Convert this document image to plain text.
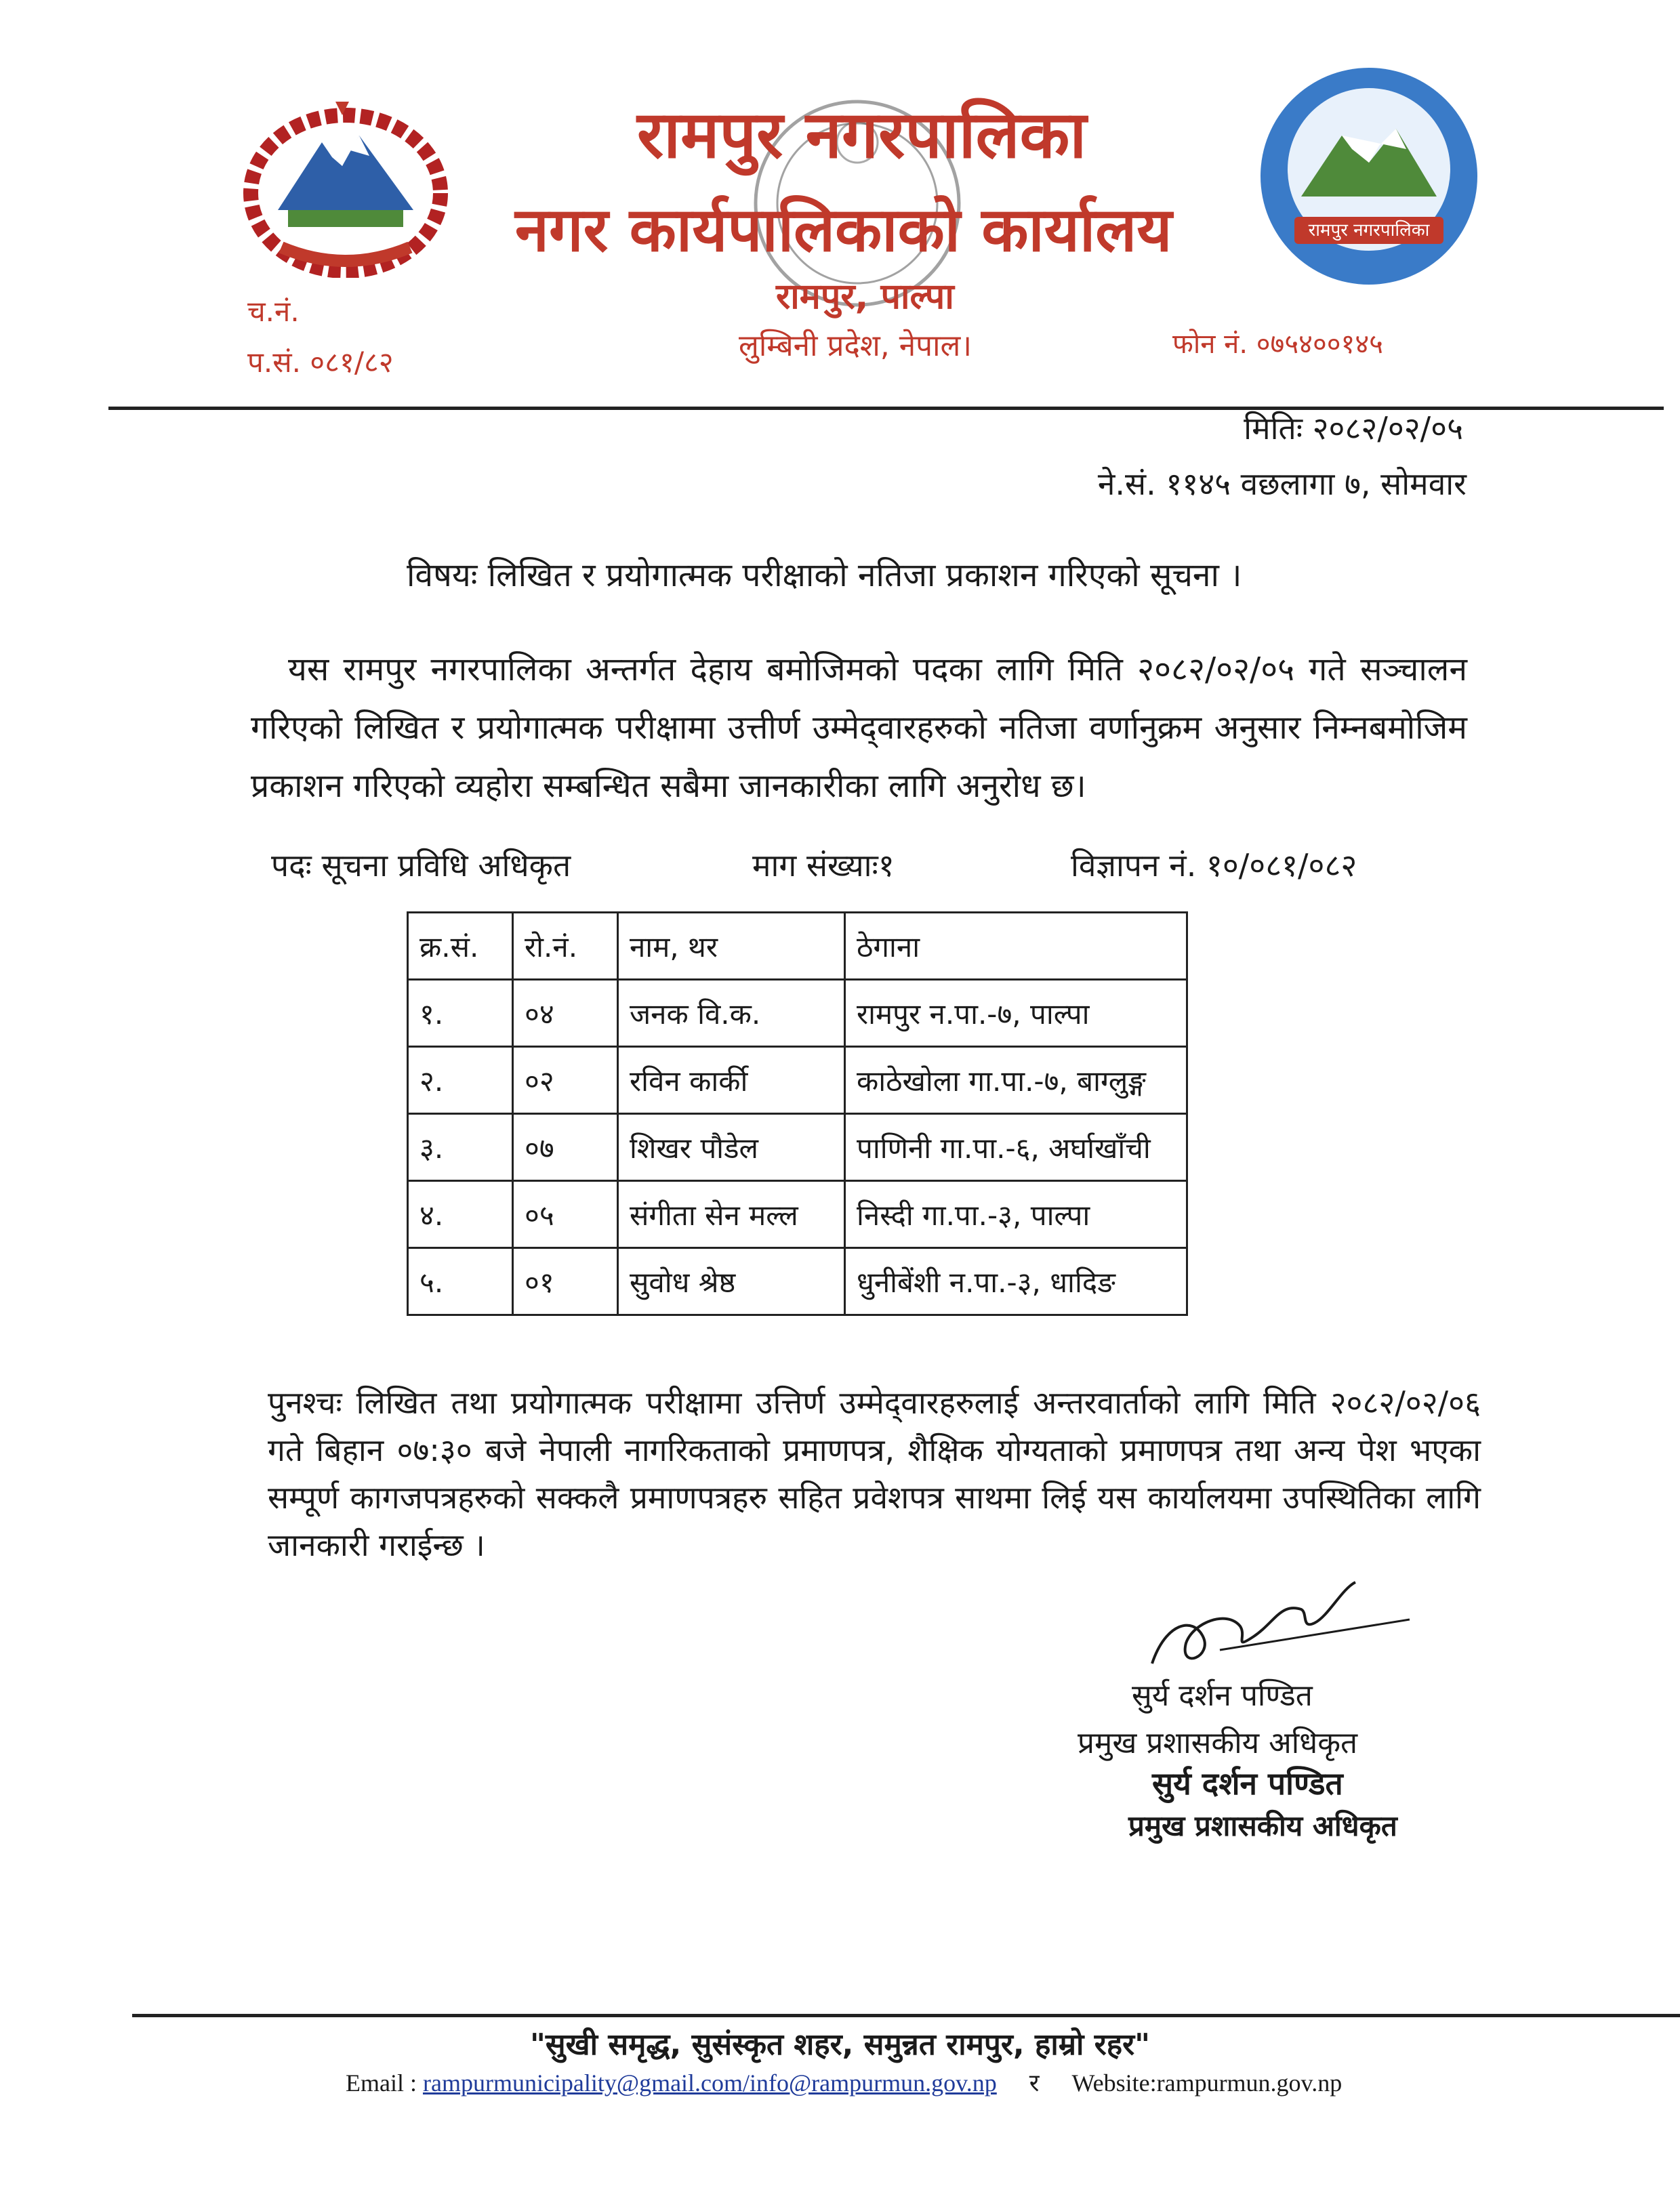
रामपुर नगरपालिका
रामपुर नगरपालिका
नगर कार्यपालिकाको कार्यालय
रामपुर, पाल्पा
लुम्बिनी प्रदेश, नेपाल।
च.नं.
प.सं. ०८१/८२
फोन नं. ०७५४००१४५
मितिः २०८२/०२/०५
ने.सं. ११४५ वछलागा ७, सोमवार
विषयः लिखित र प्रयोगात्मक परीक्षाको नतिजा प्रकाशन गरिएको सूचना ।
यस रामपुर नगरपालिका अन्तर्गत देहाय बमोजिमको पदका लागि मिति २०८२/०२/०५ गते सञ्चालन गरिएको लिखित र प्रयोगात्मक परीक्षामा उत्तीर्ण उम्मेद्‌वारहरुको नतिजा वर्णानुक्रम अनुसार निम्नबमोजिम प्रकाशन गरिएको व्यहोरा सम्बन्धित सबैमा जानकारीका लागि अनुरोध छ।
पदः सूचना प्रविधि अधिकृत	माग संख्याः१	विज्ञापन नं. १०/०८१/०८२
क्र.सं.	रो.नं.	नाम, थर	ठेगाना
१.	०४	जनक वि.क.	रामपुर न.पा.-७, पाल्पा
२.	०२	रविन कार्की	काठेखोला गा.पा.-७, बाग्लुङ्ग
३.	०७	शिखर पौडेल	पाणिनी गा.पा.-६, अर्घाखाँची
४.	०५	संगीता सेन मल्ल	निस्दी गा.पा.-३, पाल्पा
५.	०१	सुवोध श्रेष्ठ	धुनीबेंशी न.पा.-३, धादिङ
पुनश्चः लिखित तथा प्रयोगात्मक परीक्षामा उत्तिर्ण उम्मेद्‌वारहरुलाई अन्तरवार्ताको लागि मिति २०८२/०२/०६ गते बिहान ०७:३० बजे नेपाली नागरिकताको प्रमाणपत्र, शैक्षिक योग्यताको प्रमाणपत्र तथा अन्य पेश भएका सम्पूर्ण कागजपत्रहरुको सक्कलै प्रमाणपत्रहरु सहित प्रवेशपत्र साथमा लिई यस कार्यालयमा उपस्थितिका लागि जानकारी गराईन्छ ।
सुर्य दर्शन पण्डित
प्रमुख प्रशासकीय अधिकृत
सुर्य दर्शन पण्डित
प्रमुख प्रशासकीय अधिकृत
"सुखी समृद्ध, सुसंस्कृत शहर, समुन्नत रामपुर, हाम्रो रहर"
Email : rampurmunicipality@gmail.com/info@rampurmun.gov.np र Website:rampurmun.gov.np
